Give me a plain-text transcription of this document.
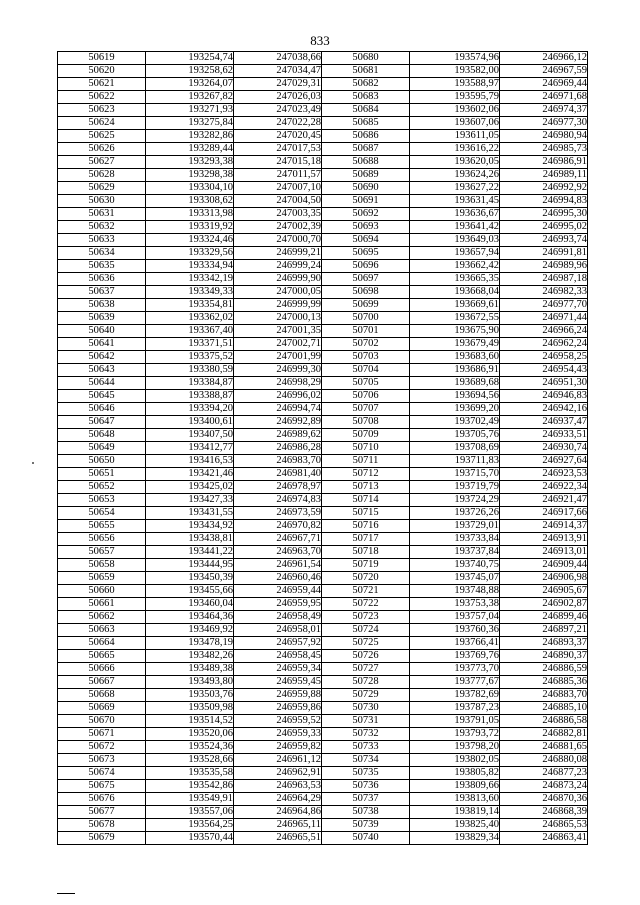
833
50619	193254,74	247038,66	50680	193574,96	246966,12
50620	193258,62	247034,47	50681	193582,00	246967,59
50621	193264,07	247029,31	50682	193588,97	246969,44
50622	193267,82	247026,03	50683	193595,79	246971,68
50623	193271,93	247023,49	50684	193602,06	246974,37
50624	193275,84	247022,28	50685	193607,06	246977,30
50625	193282,86	247020,45	50686	193611,05	246980,94
50626	193289,44	247017,53	50687	193616,22	246985,73
50627	193293,38	247015,18	50688	193620,05	246986,91
50628	193298,38	247011,57	50689	193624,26	246989,11
50629	193304,10	247007,10	50690	193627,22	246992,92
50630	193308,62	247004,50	50691	193631,45	246994,83
50631	193313,98	247003,35	50692	193636,67	246995,30
50632	193319,92	247002,39	50693	193641,42	246995,02
50633	193324,46	247000,70	50694	193649,03	246993,74
50634	193329,56	246999,21	50695	193657,94	246991,81
50635	193334,94	246999,24	50696	193662,42	246989,96
50636	193342,19	246999,90	50697	193665,35	246987,18
50637	193349,33	247000,05	50698	193668,04	246982,33
50638	193354,81	246999,99	50699	193669,61	246977,70
50639	193362,02	247000,13	50700	193672,55	246971,44
50640	193367,40	247001,35	50701	193675,90	246966,24
50641	193371,51	247002,71	50702	193679,49	246962,24
50642	193375,52	247001,99	50703	193683,60	246958,25
50643	193380,59	246999,30	50704	193686,91	246954,43
50644	193384,87	246998,29	50705	193689,68	246951,30
50645	193388,87	246996,02	50706	193694,56	246946,83
50646	193394,20	246994,74	50707	193699,20	246942,16
50647	193400,61	246992,89	50708	193702,49	246937,47
50648	193407,50	246989,62	50709	193705,76	246933,51
50649	193412,77	246986,28	50710	193708,69	246930,74
50650	193416,53	246983,70	50711	193711,83	246927,64
50651	193421,46	246981,40	50712	193715,70	246923,53
50652	193425,02	246978,97	50713	193719,79	246922,34
50653	193427,33	246974,83	50714	193724,29	246921,47
50654	193431,55	246973,59	50715	193726,26	246917,66
50655	193434,92	246970,82	50716	193729,01	246914,37
50656	193438,81	246967,71	50717	193733,84	246913,91
50657	193441,22	246963,70	50718	193737,84	246913,01
50658	193444,95	246961,54	50719	193740,75	246909,44
50659	193450,39	246960,46	50720	193745,07	246906,98
50660	193455,66	246959,44	50721	193748,88	246905,67
50661	193460,04	246959,95	50722	193753,38	246902,87
50662	193464,36	246958,49	50723	193757,04	246899,46
50663	193469,92	246958,01	50724	193760,36	246897,21
50664	193478,19	246957,92	50725	193766,41	246893,37
50665	193482,26	246958,45	50726	193769,76	246890,37
50666	193489,38	246959,34	50727	193773,70	246886,59
50667	193493,80	246959,45	50728	193777,67	246885,36
50668	193503,76	246959,88	50729	193782,69	246883,70
50669	193509,98	246959,86	50730	193787,23	246885,10
50670	193514,52	246959,52	50731	193791,05	246886,58
50671	193520,06	246959,33	50732	193793,72	246882,81
50672	193524,36	246959,82	50733	193798,20	246881,65
50673	193528,66	246961,12	50734	193802,05	246880,08
50674	193535,58	246962,91	50735	193805,82	246877,23
50675	193542,86	246963,53	50736	193809,66	246873,24
50676	193549,91	246964,29	50737	193813,60	246870,36
50677	193557,06	246964,86	50738	193819,14	246868,39
50678	193564,25	246965,11	50739	193825,40	246865,53
50679	193570,44	246965,51	50740	193829,34	246863,41
